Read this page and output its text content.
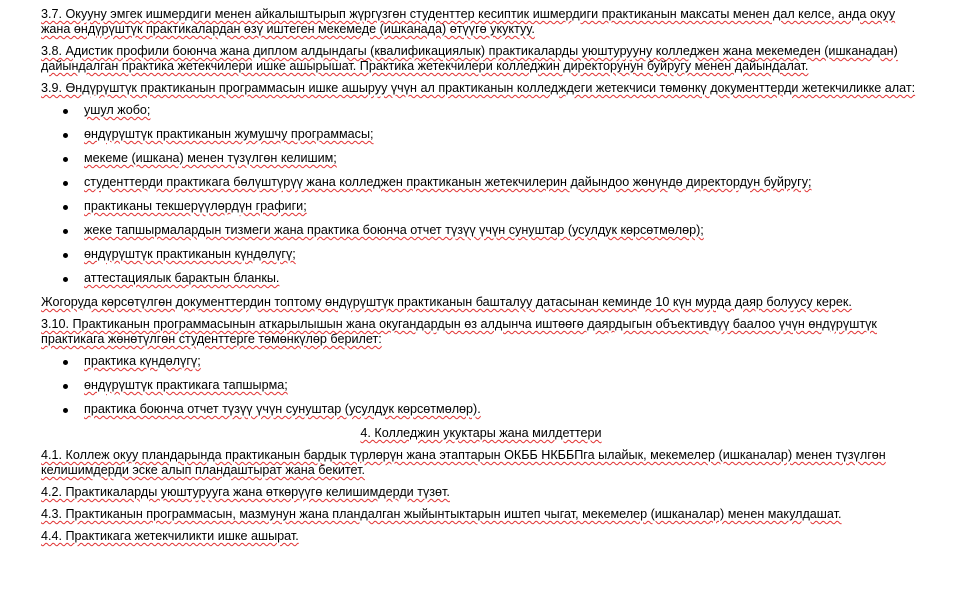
3.7. Окууну эмгек ишмердиги менен айкалыштырып жүргүзгөн студенттер кесиптик ишмердиги практиканын максаты менен дал келсе, анда окуу жана өндүрүштүк практикалардан өзү иштеген мекемеде (ишканада) өтүүгө укуктуу.

3.8. Адистик профили боюнча жана диплом алдындагы (квалификациялык) практикаларды уюштурууну колледжен жана мекемеден (ишканадан) дайындалган практика жетекчилери ишке ашырышат. Практика жетекчилери колледжин директорунун буйругу менен дайындалат.

3.9. Өндүрүштүк практиканын программасын ишке ашыруу үчүн ал практиканын колледждеги жетекчиси төмөнкү документтерди жетекчиликке алат:

ушул жобо;
өндүрүштүк практиканын жумушчу программасы;
мекеме (ишкана) менен түзүлгөн келишим;
студенттерди практикага бөлүштүрүү жана колледжен практиканын жетекчилерин дайындоо жөнүндө директордун буйругу;
практиканы текшерүүлөрдүн графиги;
жеке тапшырмалардын тизмеги жана практика боюнча отчет түзүү үчүн сунуштар (усулдук көрсөтмөлөр);
өндүрүштүк практиканын күндөлүгү;
аттестациялык барактын бланкы.

Жогоруда көрсөтүлгөн документтердин топтому өндүрүштүк практиканын башталуу датасынан кеминде 10 күн мурда даяр болуусу керек.

3.10. Практиканын программасынын аткарылышын жана окугандардын өз алдынча иштөөгө даярдыгын объективдүү баалоо үчүн өндүрүштүк практикага жөнөтүлгөн студенттерге төмөнкүлөр берилет:

практика күндөлүгү;
өндүрүштүк практикага тапшырма;
практика боюнча отчет түзүү үчүн сунуштар (усулдук көрсөтмөлөр).

4. Колледжин укуктары жана милдеттери

4.1. Коллеж окуу пландарында практиканын бардык түрлөрүн жана этаптарын ОКББ НКББПга ылайык, мекемелер (ишканалар) менен түзүлгөн келишимдерди эске алып пландаштырат жана бекитет.

4.2. Практикаларды уюштурууга жана өткөрүүгө келишимдерди түзөт.

4.3. Практиканын программасын, мазмунун жана пландалган жыйынтыктарын иштеп чыгат, мекемелер (ишканалар) менен макулдашат.

4.4. Практикага жетекчиликти ишке ашырат.
